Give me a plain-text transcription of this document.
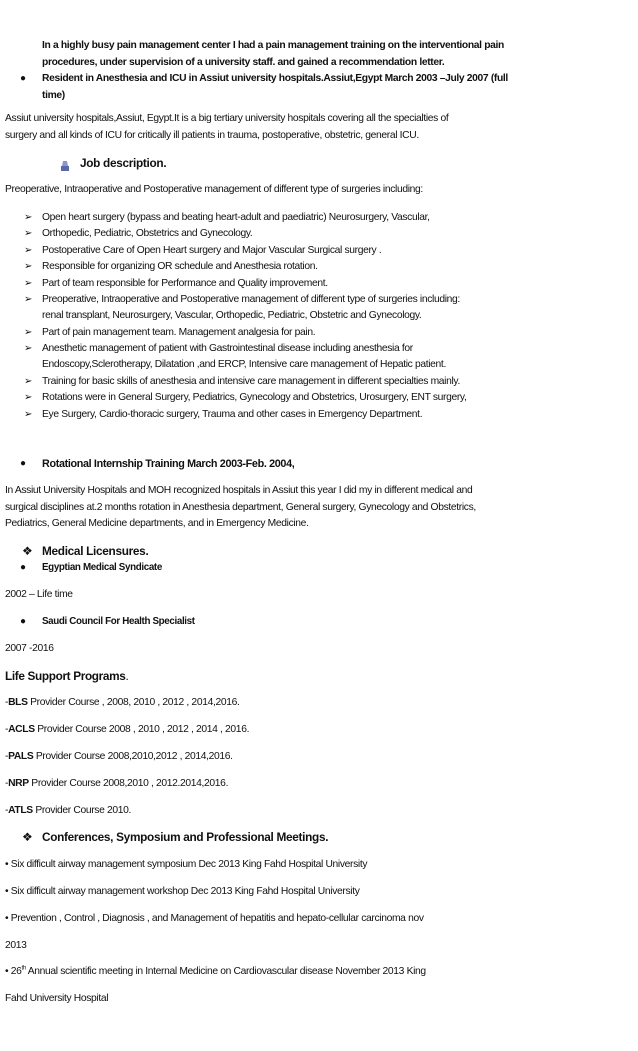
In a highly busy pain management center I had a pain management training on the interventional pain
procedures, under supervision of a university staff. and gained a recommendation letter.
● Resident in Anesthesia and ICU in Assiut university hospitals.Assiut,Egypt March 2003 –July 2007 (full
time)
Assiut university hospitals,Assiut, Egypt.It is a big tertiary university hospitals covering all the specialties of
surgery and all kinds of ICU for critically ill patients in trauma, postoperative, obstetric, general ICU.
Job description.
Preoperative, Intraoperative and Postoperative management of different type of surgeries including:
➢ Open heart surgery (bypass and beating heart-adult and paediatric) Neurosurgery, Vascular,
➢ Orthopedic, Pediatric, Obstetrics and Gynecology.
➢ Postoperative Care of Open Heart surgery and Major Vascular Surgical surgery .
➢ Responsible for organizing OR schedule and Anesthesia rotation.
➢ Part of team responsible for Performance and Quality improvement.
➢ Preoperative, Intraoperative and Postoperative management of different type of surgeries including:
renal transplant, Neurosurgery, Vascular, Orthopedic, Pediatric, Obstetric and Gynecology.
➢ Part of pain management team. Management analgesia for pain.
➢ Anesthetic management of patient with Gastrointestinal disease including anesthesia for
Endoscopy,Sclerotherapy, Dilatation ,and ERCP, Intensive care management of Hepatic patient.
➢ Training for basic skills of anesthesia and intensive care management in different specialties mainly.
➢ Rotations were in General Surgery, Pediatrics, Gynecology and Obstetrics, Urosurgery, ENT surgery,
➢ Eye Surgery, Cardio-thoracic surgery, Trauma and other cases in Emergency Department.
● Rotational Internship Training March 2003-Feb. 2004,
In Assiut University Hospitals and MOH recognized hospitals in Assiut this year I did my in different medical and
surgical disciplines at.2 months rotation in Anesthesia department, General surgery, Gynecology and Obstetrics,
Pediatrics, General Medicine departments, and in Emergency Medicine.
❖ Medical Licensures.
● Egyptian Medical Syndicate
2002 – Life time
● Saudi Council For Health Specialist
2007 -2016
Life Support Programs.
-BLS Provider Course , 2008, 2010 , 2012 , 2014,2016.
-ACLS Provider Course 2008 , 2010 , 2012 , 2014 , 2016.
-PALS Provider Course 2008,2010,2012 , 2014,2016.
-NRP Provider Course 2008,2010 , 2012.2014,2016.
-ATLS Provider Course 2010.
❖ Conferences, Symposium and Professional Meetings.
• Six difficult airway management symposium Dec 2013 King Fahd Hospital University
• Six difficult airway management workshop Dec 2013 King Fahd Hospital University
• Prevention , Control , Diagnosis , and Management of hepatitis and hepato-cellular carcinoma nov
2013
• 26th Annual scientific meeting in Internal Medicine on Cardiovascular disease November 2013 King
Fahd University Hospital
